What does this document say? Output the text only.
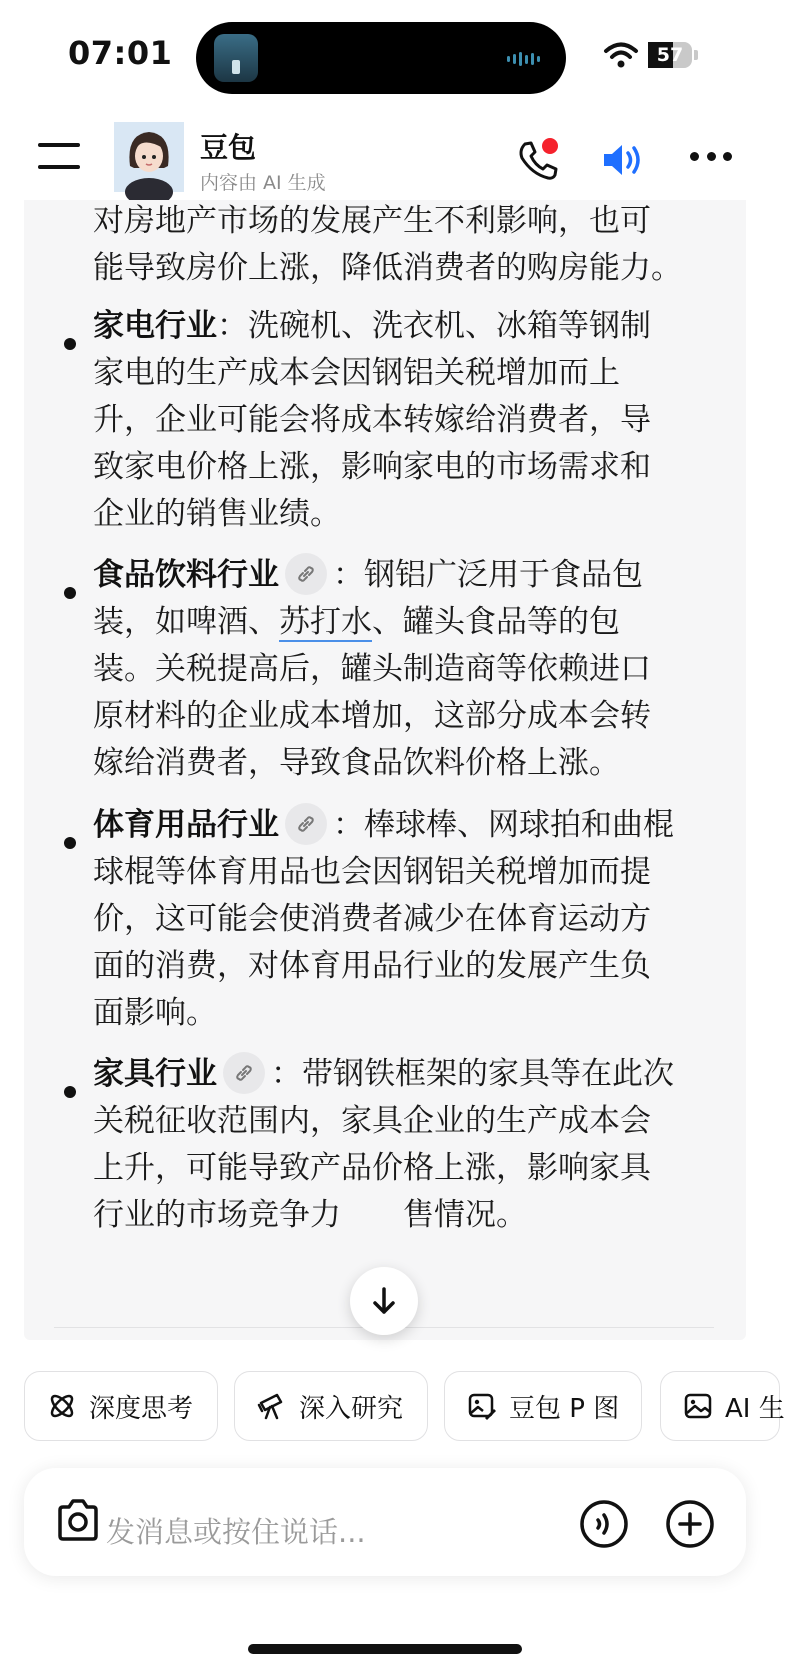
07:01	57
豆包
内容由 AI 生成
对房地产市场的发展产生不利影响，也可
能导致房价上涨，降低消费者的购房能力。
家电行业：洗碗机、洗衣机、冰箱等钢制
家电的生产成本会因钢铝关税增加而上
升，企业可能会将成本转嫁给消费者，导
致家电价格上涨，影响家电的市场需求和
企业的销售业绩。
食品饮料行业 ：钢铝广泛用于食品包
装，如啤酒、苏打水、罐头食品等的包
装。关税提高后，罐头制造商等依赖进口
原材料的企业成本增加，这部分成本会转
嫁给消费者，导致食品饮料价格上涨。
体育用品行业 ：棒球棒、网球拍和曲棍
球棍等体育用品也会因钢铝关税增加而提
价，这可能会使消费者减少在体育运动方
面的消费，对体育用品行业的发展产生负
面影响。
家具行业 ：带钢铁框架的家具等在此次
关税征收范围内，家具企业的生产成本会
上升，可能导致产品价格上涨，影响家具
行业的市场竞争力和销售情况。
深度思考	深入研究	豆包 P 图	AI 生
发消息或按住说话...
